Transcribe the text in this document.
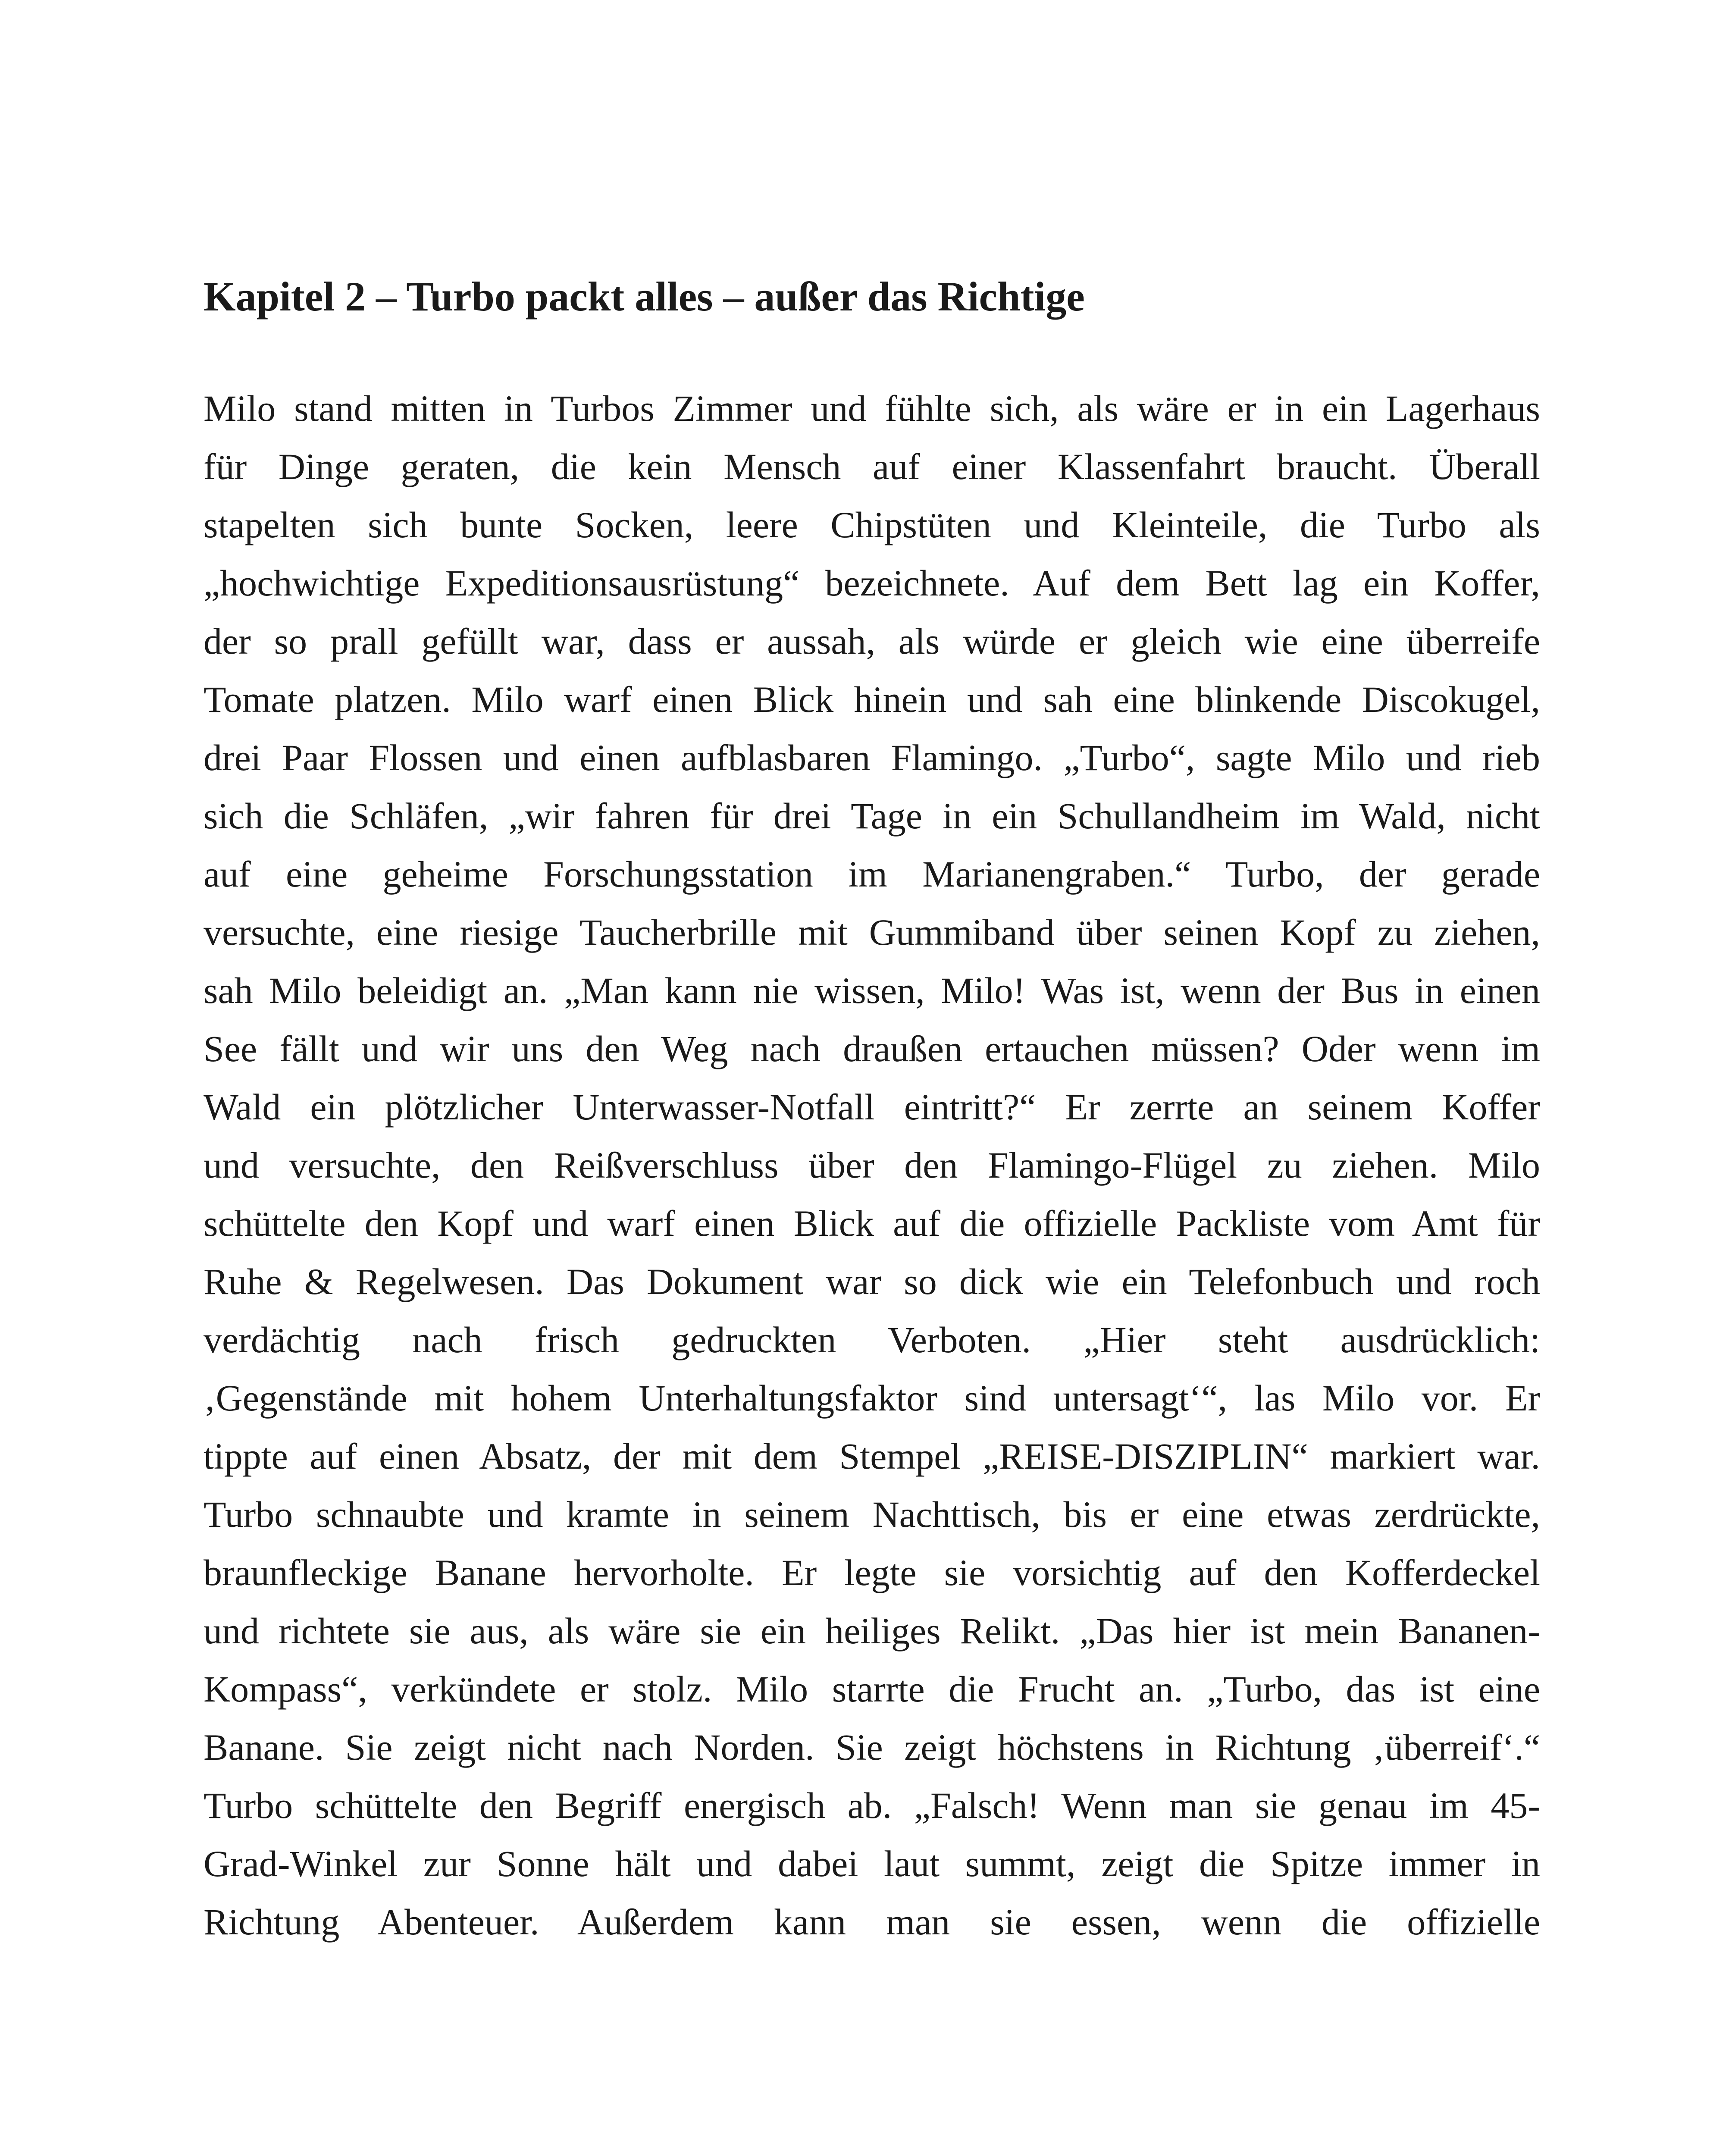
Kapitel 2 – Turbo packt alles – außer das Richtige
Milo stand mitten in Turbos Zimmer und fühlte sich, als wäre er in ein Lagerhaus
für Dinge geraten, die kein Mensch auf einer Klassenfahrt braucht. Überall
stapelten sich bunte Socken, leere Chipstüten und Kleinteile, die Turbo als
„hochwichtige Expeditionsausrüstung“ bezeichnete. Auf dem Bett lag ein Koffer,
der so prall gefüllt war, dass er aussah, als würde er gleich wie eine überreife
Tomate platzen. Milo warf einen Blick hinein und sah eine blinkende Discokugel,
drei Paar Flossen und einen aufblasbaren Flamingo. „Turbo“, sagte Milo und rieb
sich die Schläfen, „wir fahren für drei Tage in ein Schullandheim im Wald, nicht
auf eine geheime Forschungsstation im Marianengraben.“ Turbo, der gerade
versuchte, eine riesige Taucherbrille mit Gummiband über seinen Kopf zu ziehen,
sah Milo beleidigt an. „Man kann nie wissen, Milo! Was ist, wenn der Bus in einen
See fällt und wir uns den Weg nach draußen ertauchen müssen? Oder wenn im
Wald ein plötzlicher Unterwasser-Notfall eintritt?“ Er zerrte an seinem Koffer
und versuchte, den Reißverschluss über den Flamingo-Flügel zu ziehen. Milo
schüttelte den Kopf und warf einen Blick auf die offizielle Packliste vom Amt für
Ruhe & Regelwesen. Das Dokument war so dick wie ein Telefonbuch und roch
verdächtig nach frisch gedruckten Verboten. „Hier steht ausdrücklich:
‚Gegenstände mit hohem Unterhaltungsfaktor sind untersagt‘“, las Milo vor. Er
tippte auf einen Absatz, der mit dem Stempel „REISE-DISZIPLIN“ markiert war.
Turbo schnaubte und kramte in seinem Nachttisch, bis er eine etwas zerdrückte,
braunfleckige Banane hervorholte. Er legte sie vorsichtig auf den Kofferdeckel
und richtete sie aus, als wäre sie ein heiliges Relikt. „Das hier ist mein Bananen-
Kompass“, verkündete er stolz. Milo starrte die Frucht an. „Turbo, das ist eine
Banane. Sie zeigt nicht nach Norden. Sie zeigt höchstens in Richtung ‚überreif‘.“
Turbo schüttelte den Begriff energisch ab. „Falsch! Wenn man sie genau im 45-
Grad-Winkel zur Sonne hält und dabei laut summt, zeigt die Spitze immer in
Richtung Abenteuer. Außerdem kann man sie essen, wenn die offizielle
